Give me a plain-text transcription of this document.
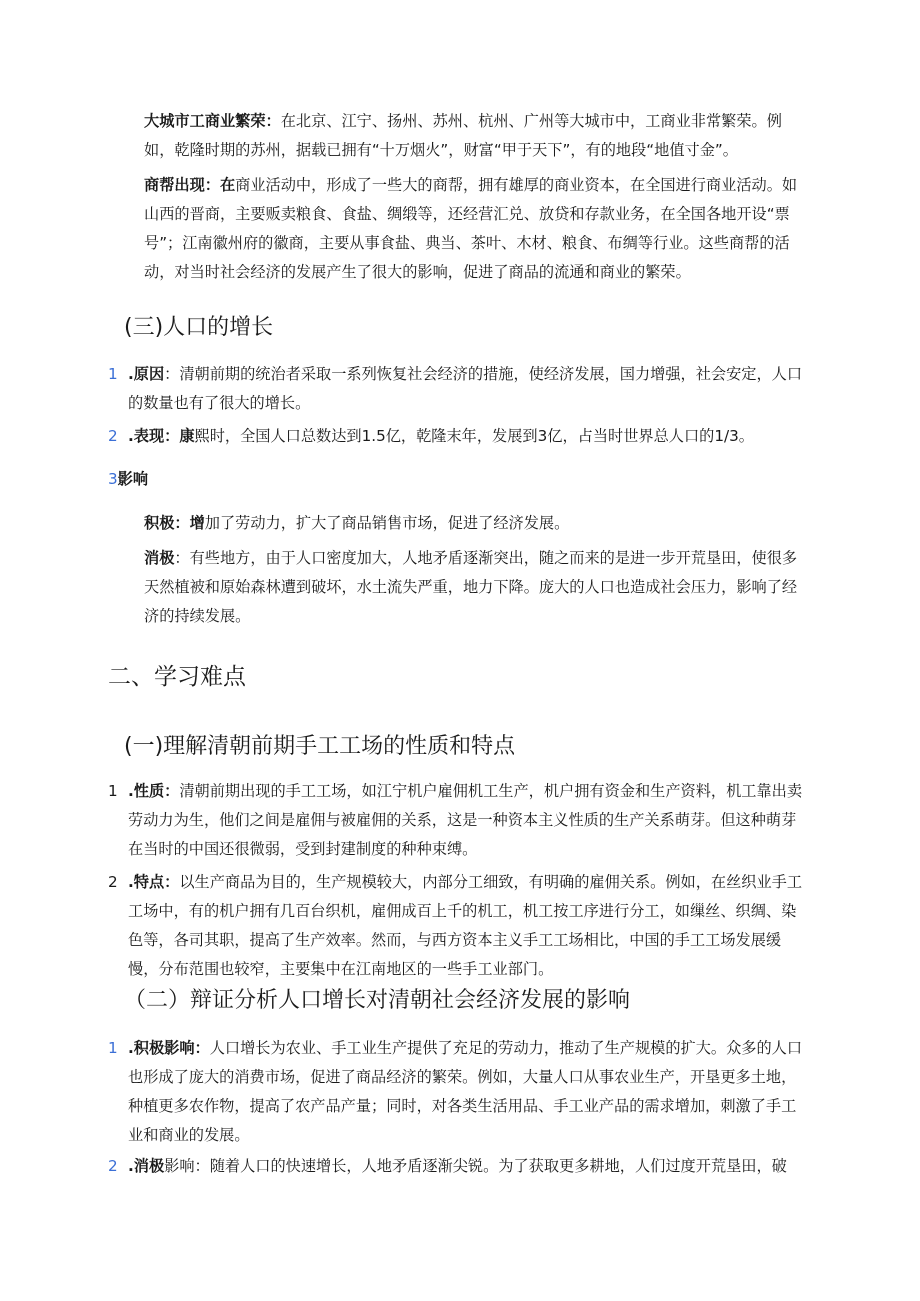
大城市工商业繁荣：在北京、江宁、扬州、苏州、杭州、广州等大城市中，工商业非常繁荣。例如，乾隆时期的苏州，据载已拥有“十万烟火”，财富“甲于天下”，有的地段“地值寸金”。

商帮出现：在商业活动中，形成了一些大的商帮，拥有雄厚的商业资本，在全国进行商业活动。如山西的晋商，主要贩卖粮食、食盐、绸缎等，还经营汇兑、放贷和存款业务，在全国各地开设“票号”；江南徽州府的徽商，主要从事食盐、典当、茶叶、木材、粮食、布绸等行业。这些商帮的活动，对当时社会经济的发展产生了很大的影响，促进了商品的流通和商业的繁荣。

(三)人口的增长
1 .原因：清朝前期的统治者采取一系列恢复社会经济的措施，使经济发展，国力增强，社会安定，人口的数量也有了很大的增长。

2 .表现：康熙时，全国人口总数达到1.5亿，乾隆末年，发展到3亿，占当时世界总人口的1/3。

3影响

积极：增加了劳动力，扩大了商品销售市场，促进了经济发展。

消极：有些地方，由于人口密度加大，人地矛盾逐渐突出，随之而来的是进一步开荒垦田，使很多天然植被和原始森林遭到破坏，水土流失严重，地力下降。庞大的人口也造成社会压力，影响了经济的持续发展。

二、学习难点
(一)理解清朝前期手工工场的性质和特点
1 .性质：清朝前期出现的手工工场，如江宁机户雇佣机工生产，机户拥有资金和生产资料，机工靠出卖劳动力为生，他们之间是雇佣与被雇佣的关系，这是一种资本主义性质的生产关系萌芽。但这种萌芽在当时的中国还很微弱，受到封建制度的种种束缚。

2 .特点：以生产商品为目的，生产规模较大，内部分工细致，有明确的雇佣关系。例如，在丝织业手工工场中，有的机户拥有几百台织机，雇佣成百上千的机工，机工按工序进行分工，如缫丝、织绸、染色等，各司其职，提高了生产效率。然而，与西方资本主义手工工场相比，中国的手工工场发展缓慢，分布范围也较窄，主要集中在江南地区的一些手工业部门。

（二）辩证分析人口增长对清朝社会经济发展的影响
1 .积极影响：人口增长为农业、手工业生产提供了充足的劳动力，推动了生产规模的扩大。众多的人口也形成了庞大的消费市场，促进了商品经济的繁荣。例如，大量人口从事农业生产，开垦更多土地，种植更多农作物，提高了农产品产量；同时，对各类生活用品、手工业产品的需求增加，刺激了手工业和商业的发展。

2 .消极影响：随着人口的快速增长，人地矛盾逐渐尖锐。为了获取更多耕地，人们过度开荒垦田，破
